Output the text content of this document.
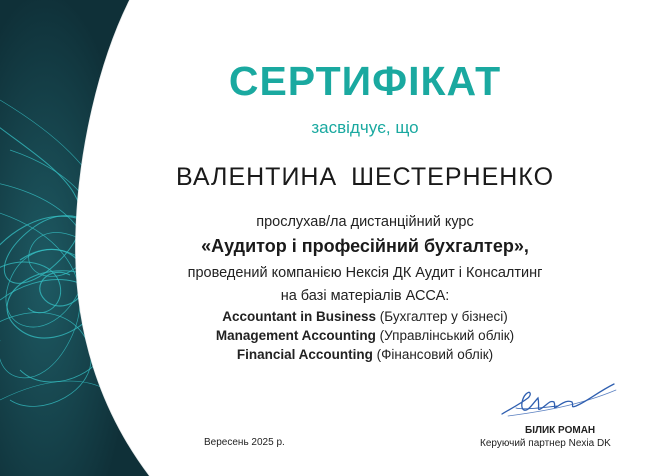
СЕРТИФІКАТ
засвідчує, що
ВАЛЕНТИНА ШЕСТЕРНЕНКО
прослухав/ла дистанційний курс
«Аудитор і професійний бухгалтер»,
проведений компанією Нексія ДК Аудит і Консалтинг
на базі матеріалів АССА:
Accountant in Business (Бухгалтер у бізнесі)
Management Accounting (Управлінський облік)
Financial Accounting (Фінансовий облік)
Вересень 2025 р.
БІЛИК РОМАН
Керуючий партнер Nexia DK
